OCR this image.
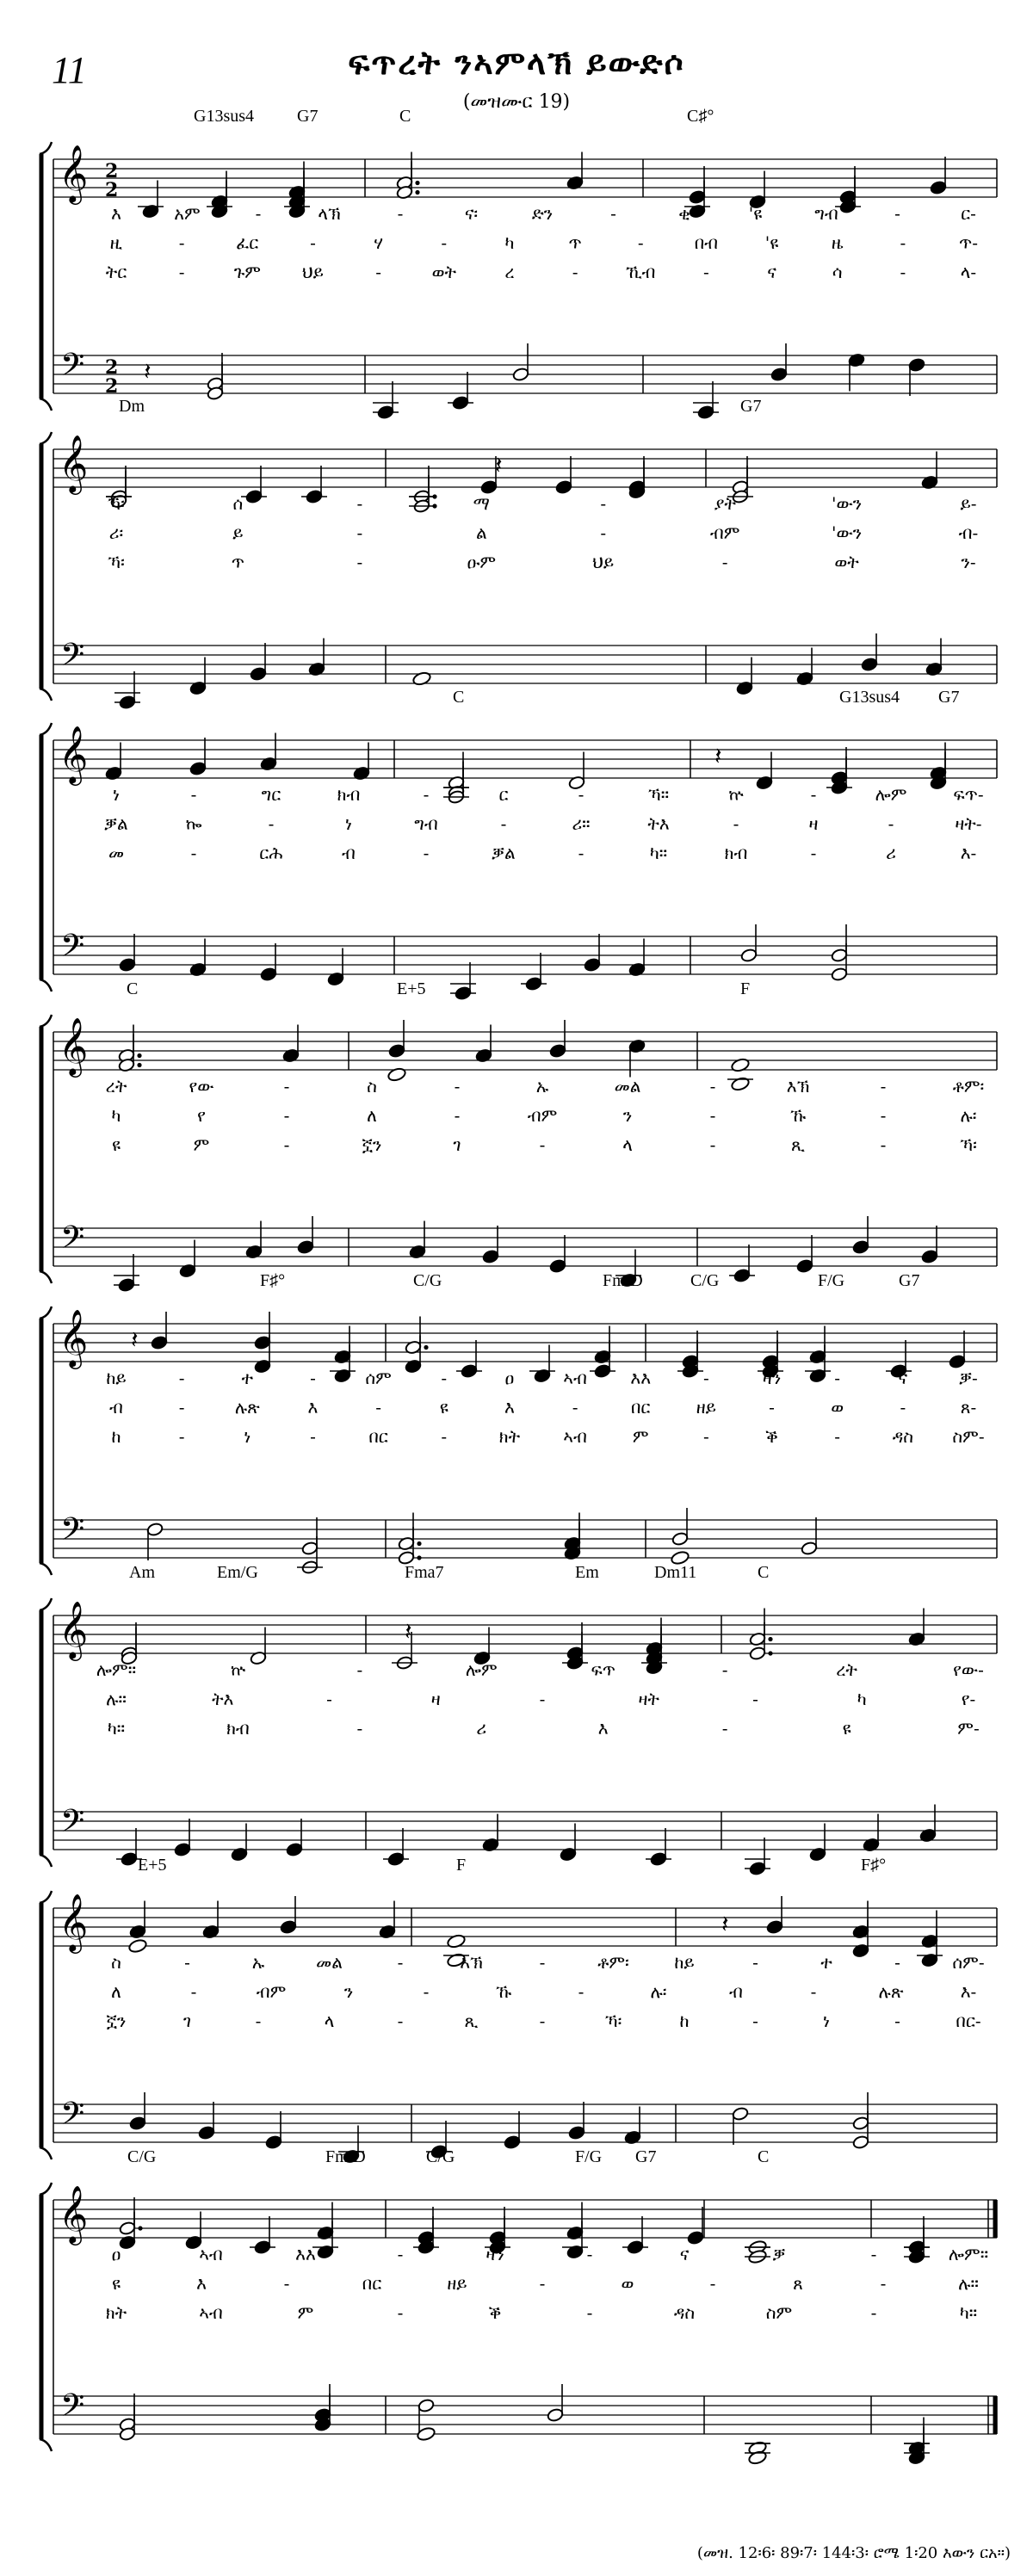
11	ፍጥረት ንኣምላኽ ይውድሶ
(መዝሙር 19)
𝄞
𝄢
2
2
2
2
G13sus4 G7	C	C♯°
𝄽
እ	አም	-	ላኽ	-	ና፡	ድን	-	ቂ	'ዩ	ግብ	-	ር-
ዚ	-	ፈር	-	ሃ	-	ካ	ጥ	-	በብ	'ዩ	ዜ	-	ጥ-
ትር	-	ጉም ህይ	-	ወት	ረ	-	ኺብ	-	ና	ሳ	-	ላ-
𝄞
𝄢
Dm	G7
𝄽
ኻ፡	ሰ	-	ማ	-	ያት	'ውን	ይ-
ሪ፡	ይ	-	ል	-	ብም	'ውን	ብ-
ኻ፡	ጥ	-	ዑም	ህይ	-	ወት	ን-
𝄞
𝄢
C	G13sus4 G7
𝄽
ነ	-	ግር	ክብ	-	ር	-	ኻ።	ኵ	-	ሎም	ፍጥ-
ቓል	ኰ	-	ነ	ግብ	-	ሪ።	ትእ	-	ዛ	-	ዛት-
መ	-	ርሕ	ብ	-	ቓል	-	ካ።	ክብ	-	ሪ	እ-
𝄞
𝄢
C	E+5	F
ረት	የው	-	ስ	-	ኡ	መል	-	እኽ	-	ቶም፡
ካ	የ	-	ለ	-	ብም	ን	-	ኹ	-	ሉ፡
ዩ	ም	-	ኟን	ገ	-	ላ	-	ጺ	-	ኻ፡
𝄞
𝄢
F♯°	C/G	Fm/D	C/G	F/G	G7
𝄽
ከይ	-	ተ	-	ሰም	-	ዐ	ኣብ	እእ	-	ዛን	-	ና	ቓ-
ብ	-	ሉጽ	እ	-	ዩ	እ	-	በር	ዘይ	-	ወ	-	ጸ-
ከ	-	ነ	-	በር	-	ክት	ኣብ	ም	-	ቕ	-	ዳስ ስም-
𝄞
𝄢
Am	Em/G	Fma7	Em	Dm11	C
𝄽
ሎም።	ኵ	-	ሎም	ፍጥ	-	ረት	የው-
ሉ።	ትእ	-	ዛ	-	ዛት	-	ካ	የ-
ካ።	ክብ	-	ሪ	እ	-	ዩ	ም-
𝄞
𝄢
E+5	F	F♯°
𝄽
ስ	-	ኡ	መል	-	እኽ	-	ቶም፡	ከይ	-	ተ	-	ሰም-
ለ	-	ብም	ን	-	ኹ	-	ሉ፡	ብ	-	ሉጽ	እ-
ኟን	ገ	-	ላ	-	ጺ	-	ኻ፡	ከ	-	ነ	-	በር-
𝄞
𝄢
C/G	Fm/D	C/G	F/G G7	C
ዐ	ኣብ	እእ	-	ዛን	-	ና	ቓ	-	ሎም።
ዩ	እ	-	በር	ዘይ	-	ወ	-	ጸ	-	ሉ።
ክት	ኣብ	ም	-	ቕ	-	ዳስ	ስም	-	ካ።
(መዝ. 12፡6፡ 89፡7፡ 144፡3፡ ሮሜ 1፡20 እውን ርአ።)
